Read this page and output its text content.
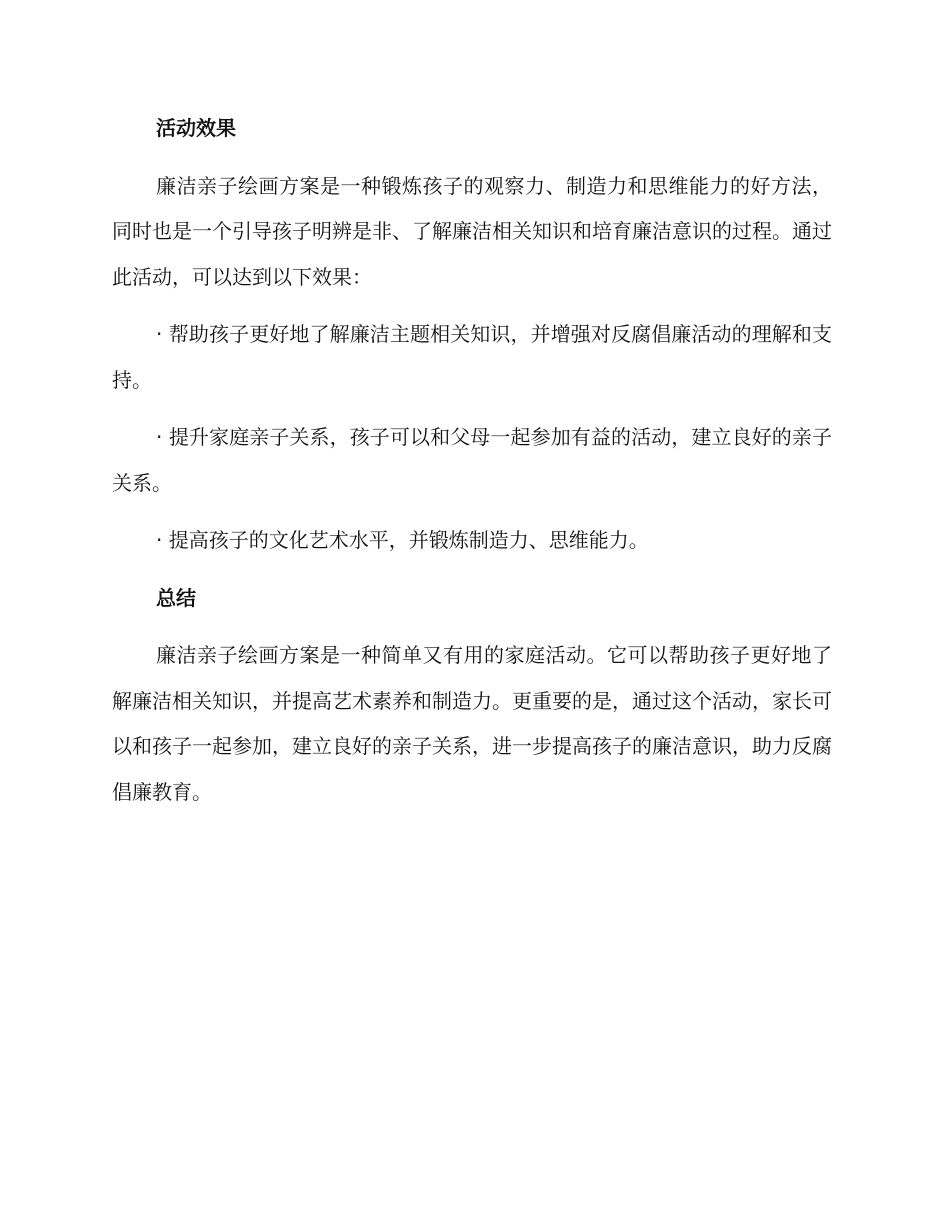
活动效果

廉洁亲子绘画方案是一种锻炼孩子的观察力、制造力和思维能力的好方法，同时也是一个引导孩子明辨是非、了解廉洁相关知识和培育廉洁意识的过程。通过此活动，可以达到以下效果：

· 帮助孩子更好地了解廉洁主题相关知识，并增强对反腐倡廉活动的理解和支持。

· 提升家庭亲子关系，孩子可以和父母一起参加有益的活动，建立良好的亲子关系。

· 提高孩子的文化艺术水平，并锻炼制造力、思维能力。

总结

廉洁亲子绘画方案是一种简单又有用的家庭活动。它可以帮助孩子更好地了解廉洁相关知识，并提高艺术素养和制造力。更重要的是，通过这个活动，家长可以和孩子一起参加，建立良好的亲子关系，进一步提高孩子的廉洁意识，助力反腐倡廉教育。
